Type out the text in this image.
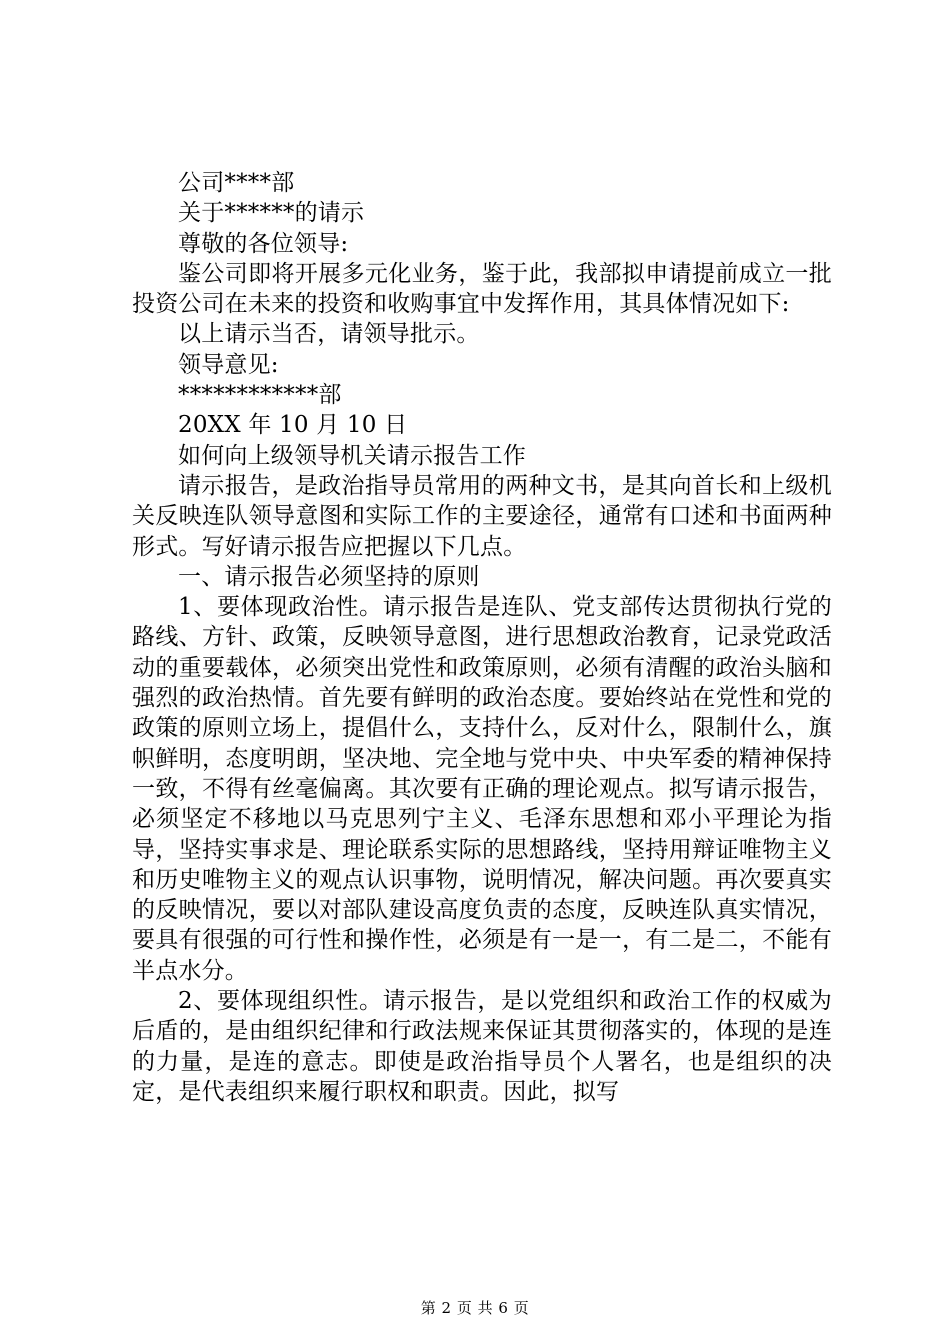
公司****部

关于******的请示

尊敬的各位领导:

鉴公司即将开展多元化业务，鉴于此，我部拟申请提前成立一批投资公司在未来的投资和收购事宜中发挥作用，其具体情况如下:

以上请示当否，请领导批示。

领导意见:

************部

20XX 年 10 月 10 日

如何向上级领导机关请示报告工作

请示报告，是政治指导员常用的两种文书，是其向首长和上级机关反映连队领导意图和实际工作的主要途径，通常有口述和书面两种形式。写好请示报告应把握以下几点。

一、请示报告必须坚持的原则

1、要体现政治性。请示报告是连队、党支部传达贯彻执行党的路线、方针、政策，反映领导意图，进行思想政治教育，记录党政活动的重要载体，必须突出党性和政策原则，必须有清醒的政治头脑和强烈的政治热情。首先要有鲜明的政治态度。要始终站在党性和党的政策的原则立场上，提倡什么，支持什么，反对什么，限制什么，旗帜鲜明，态度明朗，坚决地、完全地与党中央、中央军委的精神保持一致，不得有丝毫偏离。其次要有正确的理论观点。拟写请示报告，必须坚定不移地以马克思列宁主义、毛泽东思想和邓小平理论为指导，坚持实事求是、理论联系实际的思想路线，坚持用辩证唯物主义和历史唯物主义的观点认识事物，说明情况，解决问题。再次要真实的反映情况，要以对部队建设高度负责的态度，反映连队真实情况，要具有很强的可行性和操作性，必须是有一是一，有二是二，不能有半点水分。

2、要体现组织性。请示报告，是以党组织和政治工作的权威为后盾的，是由组织纪律和行政法规来保证其贯彻落实的，体现的是连的力量，是连的意志。即使是政治指导员个人署名，也是组织的决定，是代表组织来履行职权和职责。因此，拟写

第 2 页 共 6 页
